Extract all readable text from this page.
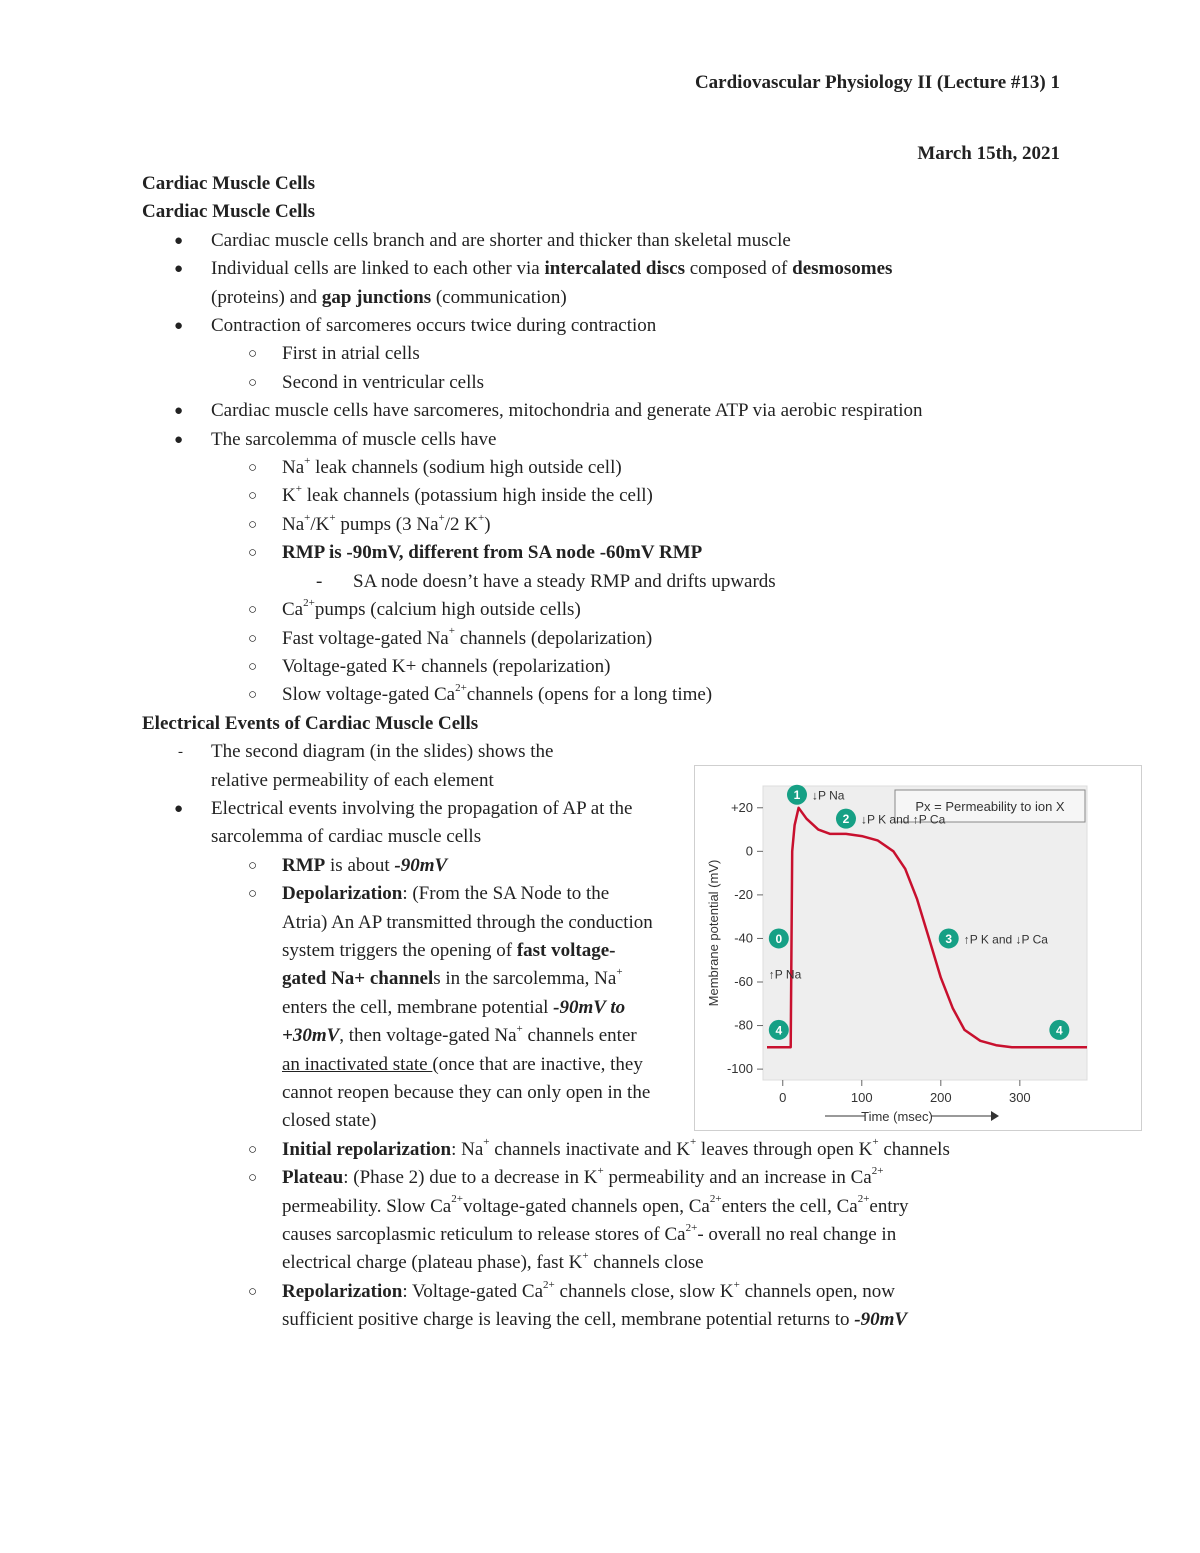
Cardiovascular Physiology II (Lecture #13) 1
March 15th, 2021
Cardiac Muscle Cells
Cardiac Muscle Cells
● Cardiac muscle cells branch and are shorter and thicker than skeletal muscle
● Individual cells are linked to each other via intercalated discs composed of desmosomes
(proteins) and gap junctions (communication)
● Contraction of sarcomeres occurs twice during contraction
○ First in atrial cells
○ Second in ventricular cells
● Cardiac muscle cells have sarcomeres, mitochondria and generate ATP via aerobic respiration
● The sarcolemma of muscle cells have
○ Na+ leak channels (sodium high outside cell)
○ K+ leak channels (potassium high inside the cell)
○ Na+/K+ pumps (3 Na+/2 K+)
○ RMP is -90mV, different from SA node -60mV RMP
- SA node doesn’t have a steady RMP and drifts upwards
○ $Ca^{2+}pumps$ (calcium high outside cells)
○ Fast voltage-gated Na+ channels (depolarization)
○ Voltage-gated K+ channels (repolarization)
○ Slow voltage-gated $Ca^{2+}channels$ (opens for a long time)
Electrical Events of Cardiac Muscle Cells
- The second diagram (in the slides) shows the relative permeability of each element
● Electrical events involving the propagation of AP at the sarcolemma of cardiac muscle cells
○ RMP is about -90mV
○ Depolarization: (From the SA Node to the Atria) An AP transmitted through the conduction system triggers the opening of fast voltage-gated Na+ channels in the sarcolemma, Na+ enters the cell, membrane potential -90mV to +30mV, then voltage-gated Na+ channels enter an inactivated state (once that are inactive, they cannot reopen because they can only open in the closed state)
○ Initial repolarization: Na+ channels inactivate and K+ leaves through open K+ channels
○ Plateau: (Phase 2) due to a decrease in K+ permeability and an increase in $Ca^{2+}$
permeability. Slow $Ca^{2+}voltage$-gated channels open, $Ca^{2+}enters$ the cell, $Ca^{2+}entry$
causes sarcoplasmic reticulum to release stores of $Ca^{2+}-$ overall no real change in
electrical charge (plateau phase), fast K+ channels close
○ Repolarization: Voltage-gated $Ca^{2+}$ channels close, slow K+ channels open, now
sufficient positive charge is leaving the cell, membrane potential returns to -90mV
+20
0
-20
-40
-60
-80
-100
0	100	200	300
Membrane potential (mV)
Time (msec)
Px = Permeability to ion X
0
↑P Na
1 ↓P Na
2 ↓P K and ↑P Ca
3 ↑P K and ↓P Ca
4	4
